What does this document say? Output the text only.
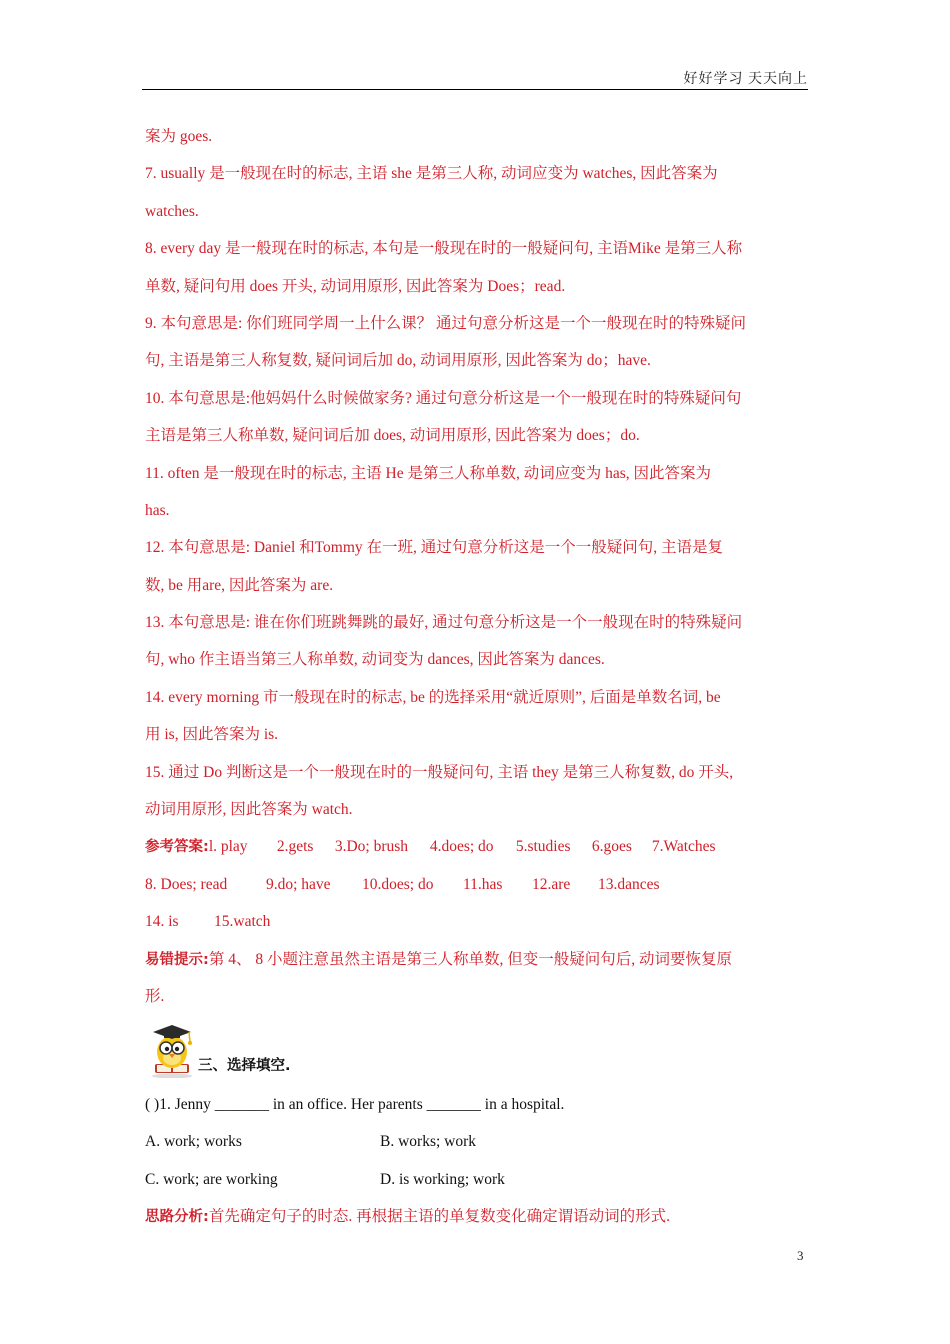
好好学习 天天向上
案为 goes.
7. usually 是一般现在时的标志, 主语 she 是第三人称, 动词应变为 watches, 因此答案为
watches.
8. every day 是一般现在时的标志, 本句是一般现在时的一般疑问句, 主语Mike 是第三人称
单数, 疑问句用 does 开头, 动词用原形, 因此答案为 Does；read.
9. 本句意思是: 你们班同学周一上什么课？ 通过句意分析这是一个一般现在时的特殊疑问
句, 主语是第三人称复数, 疑问词后加 do, 动词用原形, 因此答案为 do；have.
10. 本句意思是:他妈妈什么时候做家务? 通过句意分析这是一个一般现在时的特殊疑问句
主语是第三人称单数, 疑问词后加 does, 动词用原形, 因此答案为 does；do.
11. often 是一般现在时的标志, 主语 He 是第三人称单数, 动词应变为 has, 因此答案为
has.
12. 本句意思是: Daniel 和Tommy 在一班, 通过句意分析这是一个一般疑问句, 主语是复
数, be 用are, 因此答案为 are.
13. 本句意思是: 谁在你们班跳舞跳的最好, 通过句意分析这是一个一般现在时的特殊疑问
句, who 作主语当第三人称单数, 动词变为 dances, 因此答案为 dances.
14. every morning 市一般现在时的标志, be 的选择采用“就近原则”, 后面是单数名词, be
用 is, 因此答案为 is.
15. 通过 Do 判断这是一个一般现在时的一般疑问句, 主语 they 是第三人称复数, do 开头,
动词用原形, 因此答案为 watch.
参考答案:l. play 2.gets 3.Do; brush 4.does; do 5.studies 6.goes 7.Watches
8. Does; read	9.do; have 10.does; do 11.has 12.are 13.dances
14. is 15.watch
易错提示:第 4、 8 小题注意虽然主语是第三人称单数, 但变一般疑问句后, 动词要恢复原
形.
三、选择填空.
( )1. Jenny _______ in an office. Her parents _______ in a hospital.
A. work; works	B. works; work
C. work; are working	D. is working; work
思路分析:首先确定句子的时态. 再根据主语的单复数变化确定谓语动词的形式.
3
